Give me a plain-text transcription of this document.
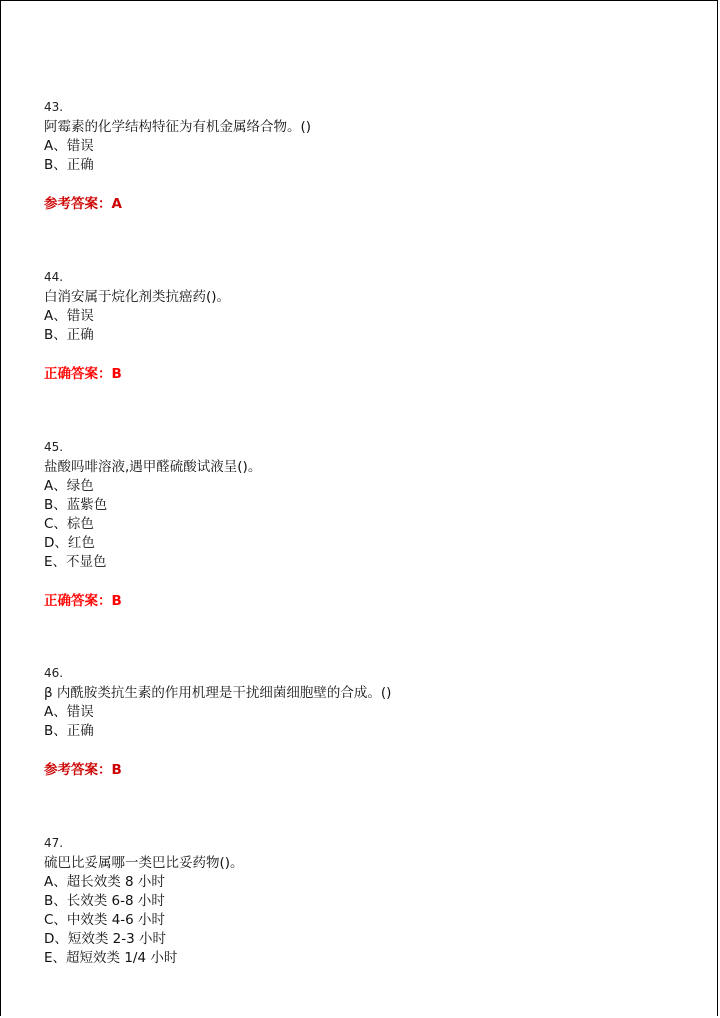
43.
阿霉素的化学结构特征为有机金属络合物。()
A、错误
B、正确
参考答案：A
44.
白消安属于烷化剂类抗癌药()。
A、错误
B、正确
正确答案：B
45.
盐酸吗啡溶液,遇甲醛硫酸试液呈()。
A、绿色
B、蓝紫色
C、棕色
D、红色
E、不显色
正确答案：B
46.
β 内酰胺类抗生素的作用机理是干扰细菌细胞壁的合成。()
A、错误
B、正确
参考答案：B
47.
硫巴比妥属哪一类巴比妥药物()。
A、超长效类 8 小时
B、长效类 6-8 小时
C、中效类 4-6 小时
D、短效类 2-3 小时
E、超短效类 1/4 小时
